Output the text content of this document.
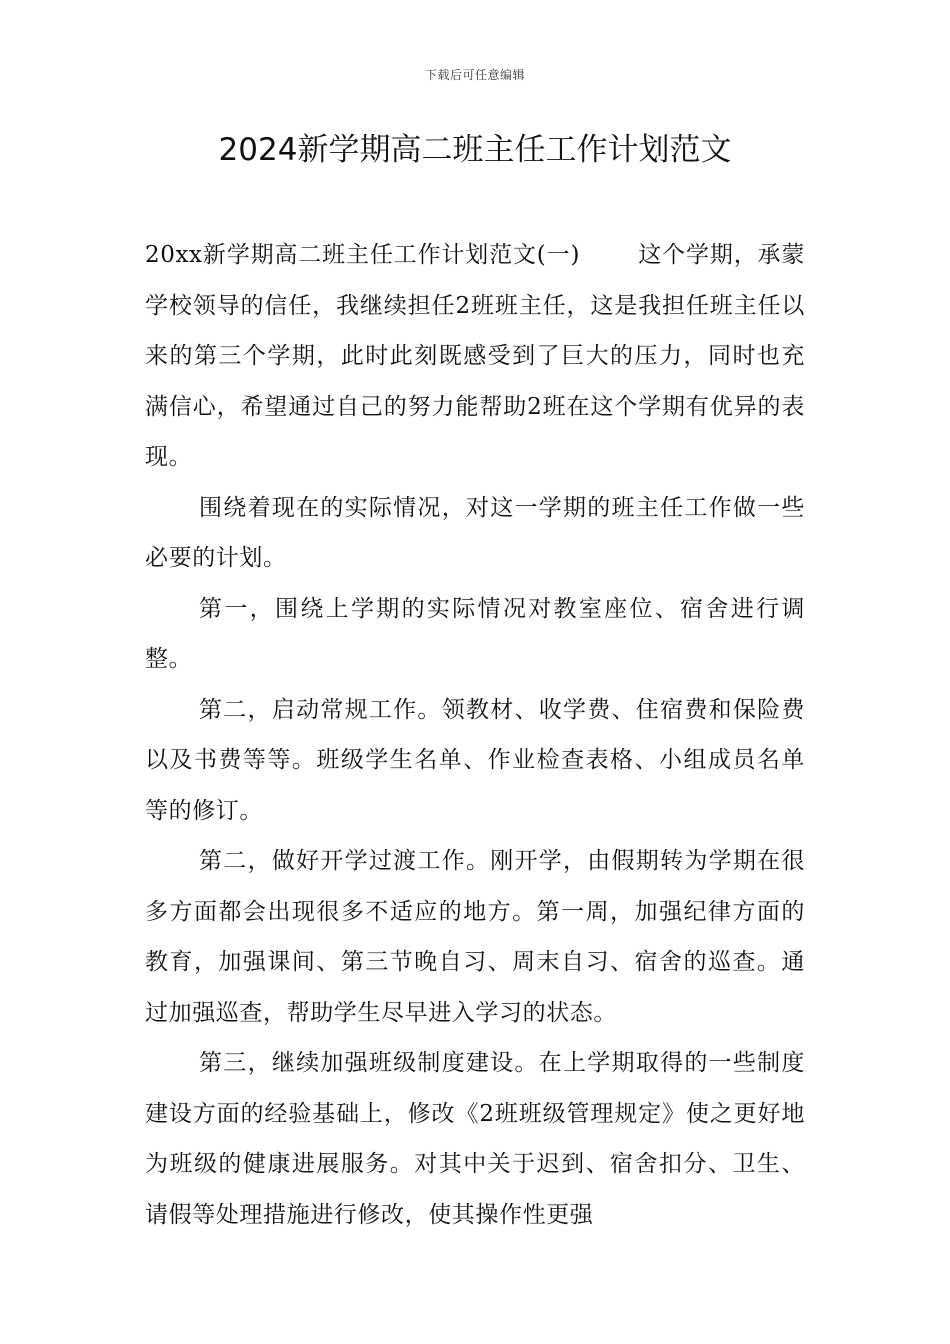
下载后可任意编辑
2024新学期高二班主任工作计划范文

20xx新学期高二班主任工作计划范文(一)	这个学期，承蒙学校领导的信任，我继续担任2班班主任，这是我担任班主任以来的第三个学期，此时此刻既感受到了巨大的压力，同时也充满信心，希望通过自己的努力能帮助2班在这个学期有优异的表现。

围绕着现在的实际情况，对这一学期的班主任工作做一些必要的计划。

第一，围绕上学期的实际情况对教室座位、宿舍进行调整。

第二，启动常规工作。领教材、收学费、住宿费和保险费以及书费等等。班级学生名单、作业检查表格、小组成员名单等的修订。

第二，做好开学过渡工作。刚开学，由假期转为学期在很多方面都会出现很多不适应的地方。第一周，加强纪律方面的教育，加强课间、第三节晚自习、周末自习、宿舍的巡查。通过加强巡查，帮助学生尽早进入学习的状态。

第三，继续加强班级制度建设。在上学期取得的一些制度建设方面的经验基础上，修改《2班班级管理规定》使之更好地为班级的健康进展服务。对其中关于迟到、宿舍扣分、卫生、请假等处理措施进行修改，使其操作性更强
